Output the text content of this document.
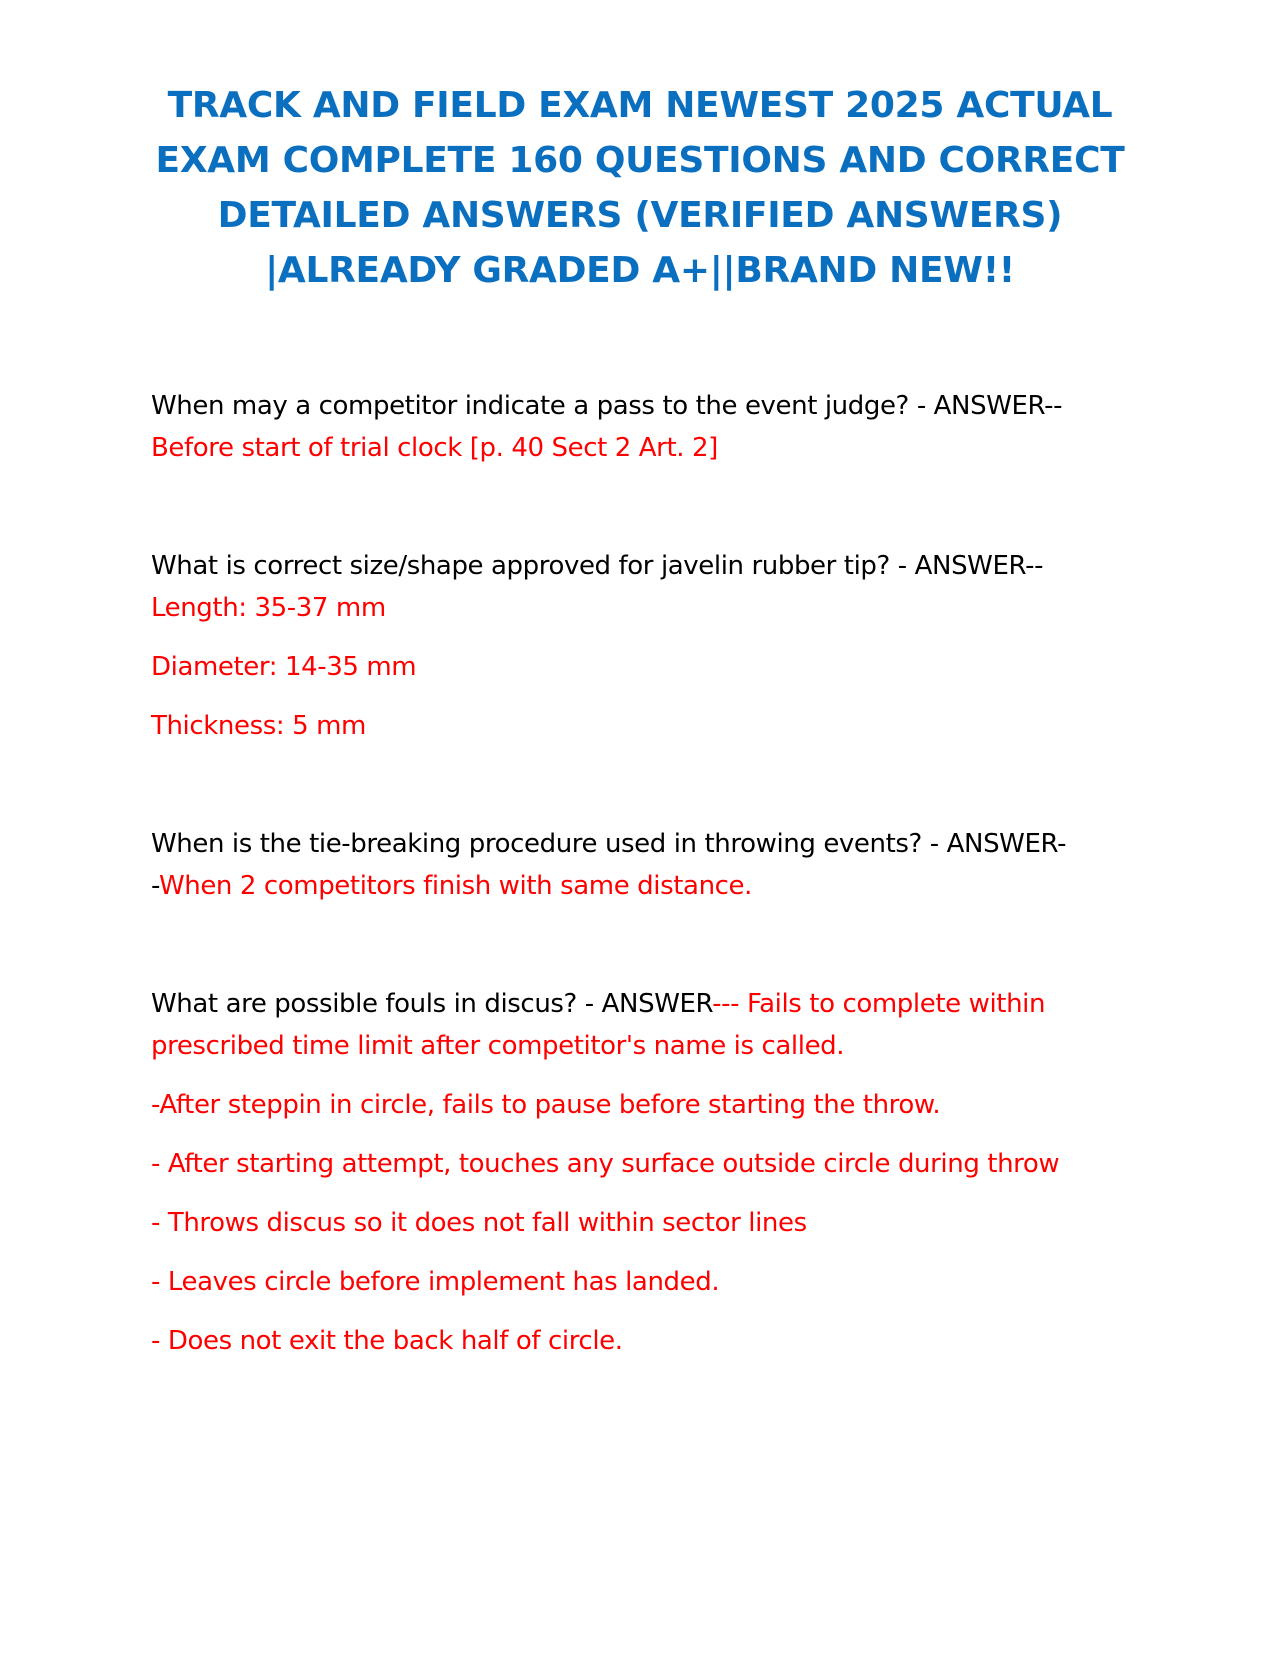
TRACK AND FIELD EXAM NEWEST 2025 ACTUAL
EXAM COMPLETE 160 QUESTIONS AND CORRECT
DETAILED ANSWERS (VERIFIED ANSWERS)
|ALREADY GRADED A+||BRAND NEW!!
When may a competitor indicate a pass to the event judge? - ANSWER--
Before start of trial clock [p. 40 Sect 2 Art. 2]
What is correct size/shape approved for javelin rubber tip? - ANSWER--
Length: 35-37 mm
Diameter: 14-35 mm
Thickness: 5 mm
When is the tie-breaking procedure used in throwing events? - ANSWER-
-When 2 competitors finish with same distance.
What are possible fouls in discus? - ANSWER--- Fails to complete within
prescribed time limit after competitor's name is called.
-After steppin in circle, fails to pause before starting the throw.
- After starting attempt, touches any surface outside circle during throw
- Throws discus so it does not fall within sector lines
- Leaves circle before implement has landed.
- Does not exit the back half of circle.
